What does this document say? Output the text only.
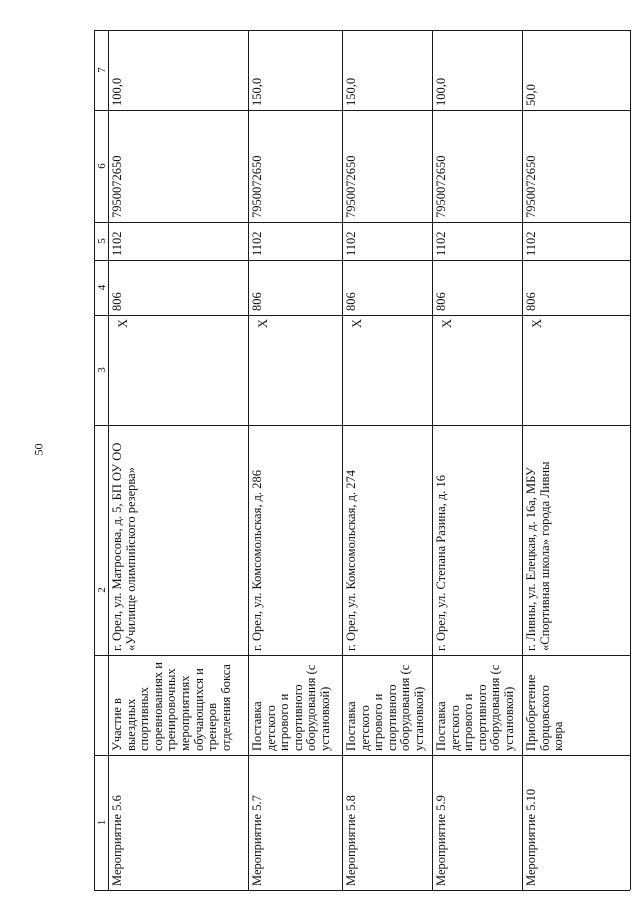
50
7
6
5
4
3
2
1
100,0
7950072650
1102
806
Х
г. Орел, ул. Матросова, д. 5, БП ОУ ОО «Училище олимпийского резерва»
Участие в выездных спортивных соревнованиях и тренировочных мероприятиях обучающихся и тренеров отделения бокса
Мероприятие 5.6
150,0
7950072650
1102
806
Х
г. Орел, ул. Комсомольская, д. 286
Поставка детского игрового и спортивного оборудования (с установкой)
Мероприятие 5.7
150,0
7950072650
1102
806
Х
г. Орел, ул. Комсомольская, д. 274
Поставка детского игрового и спортивного оборудования (с установкой)
Мероприятие 5.8
100,0
7950072650
1102
806
Х
г. Орел, ул. Степана Разина, д. 16
Поставка детского игрового и спортивного оборудования (с установкой)
Мероприятие 5.9
50,0
7950072650
1102
806
Х
г. Ливны, ул. Елецкая, д. 16а, МБУ «Спортивная школа» города Ливны
Приобретение борцовского ковра
Мероприятие 5.10
